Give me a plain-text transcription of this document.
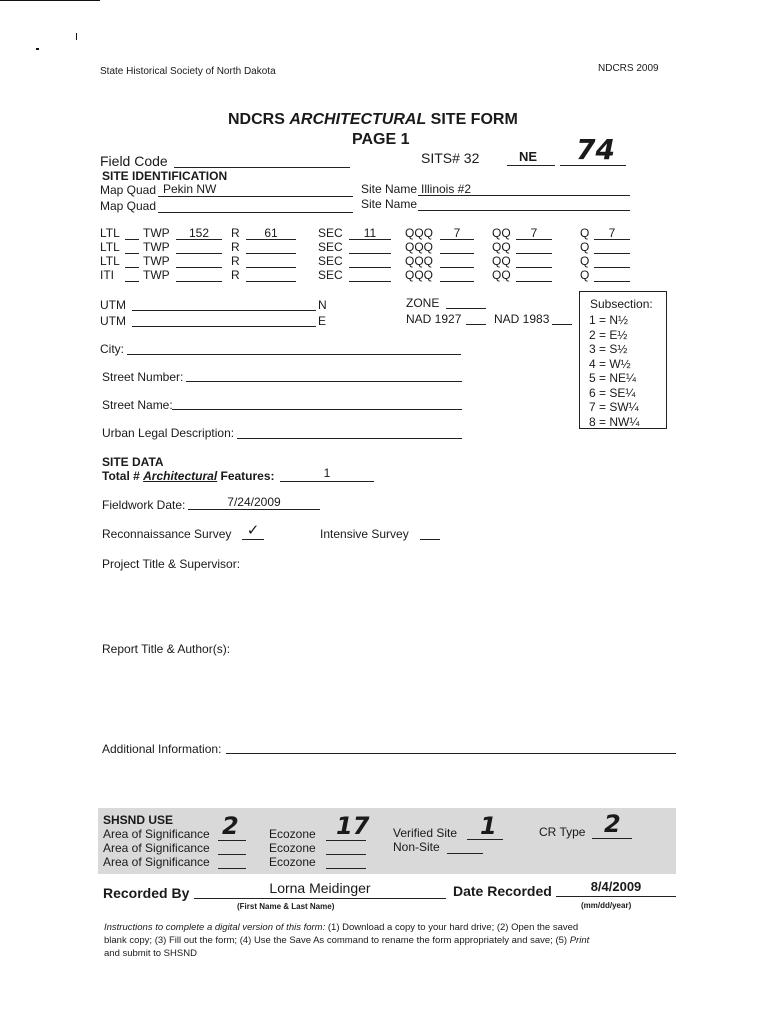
State Historical Society of North Dakota	NDCRS 2009
NDCRS ARCHITECTURAL SITE FORM
PAGE 1
Field Code	SITS# 32	NE	74
SITE IDENTIFICATION
Map Quad Pekin NW
Map Quad
Site Name Illinois #2
Site Name
LTL TWP	152	R	61	SEC	11	QQQ	7	QQ	7	Q	7
LTL TWP	R	SEC	QQQ	QQ	Q
LTL TWP	R	SEC	QQQ	QQ	Q
ITI TWP	R	SEC	QQQ	QQ	Q
UTM	N
UTM	E
ZONE
NAD 1927	NAD 1983
Subsection:
1 = N½
2 = E½
3 = S½
4 = W½
5 = NE¼
6 = SE¼
7 = SW¼
8 = NW¼
City:
Street Number:
Street Name:
Urban Legal Description:
SITE DATA
Total # Architectural Features:	1
Fieldwork Date:	7/24/2009
Reconnaissance Survey	✓	Intensive Survey
Project Title & Supervisor:
Report Title & Author(s):
Additional Information:
SHSND USE
Area of Significance 2
Area of Significance
Area of Significance
Ecozone 17
Ecozone
Ecozone
Verified Site 1
Non-Site
CR Type 2
Recorded By	Lorna Meidinger
(First Name & Last Name)
Date Recorded	8/4/2009
(mm/dd/year)
Instructions to complete a digital version of this form: (1) Download a copy to your hard drive; (2) Open the saved
blank copy; (3) Fill out the form; (4) Use the Save As command to rename the form appropriately and save; (5) Print
and submit to SHSND
